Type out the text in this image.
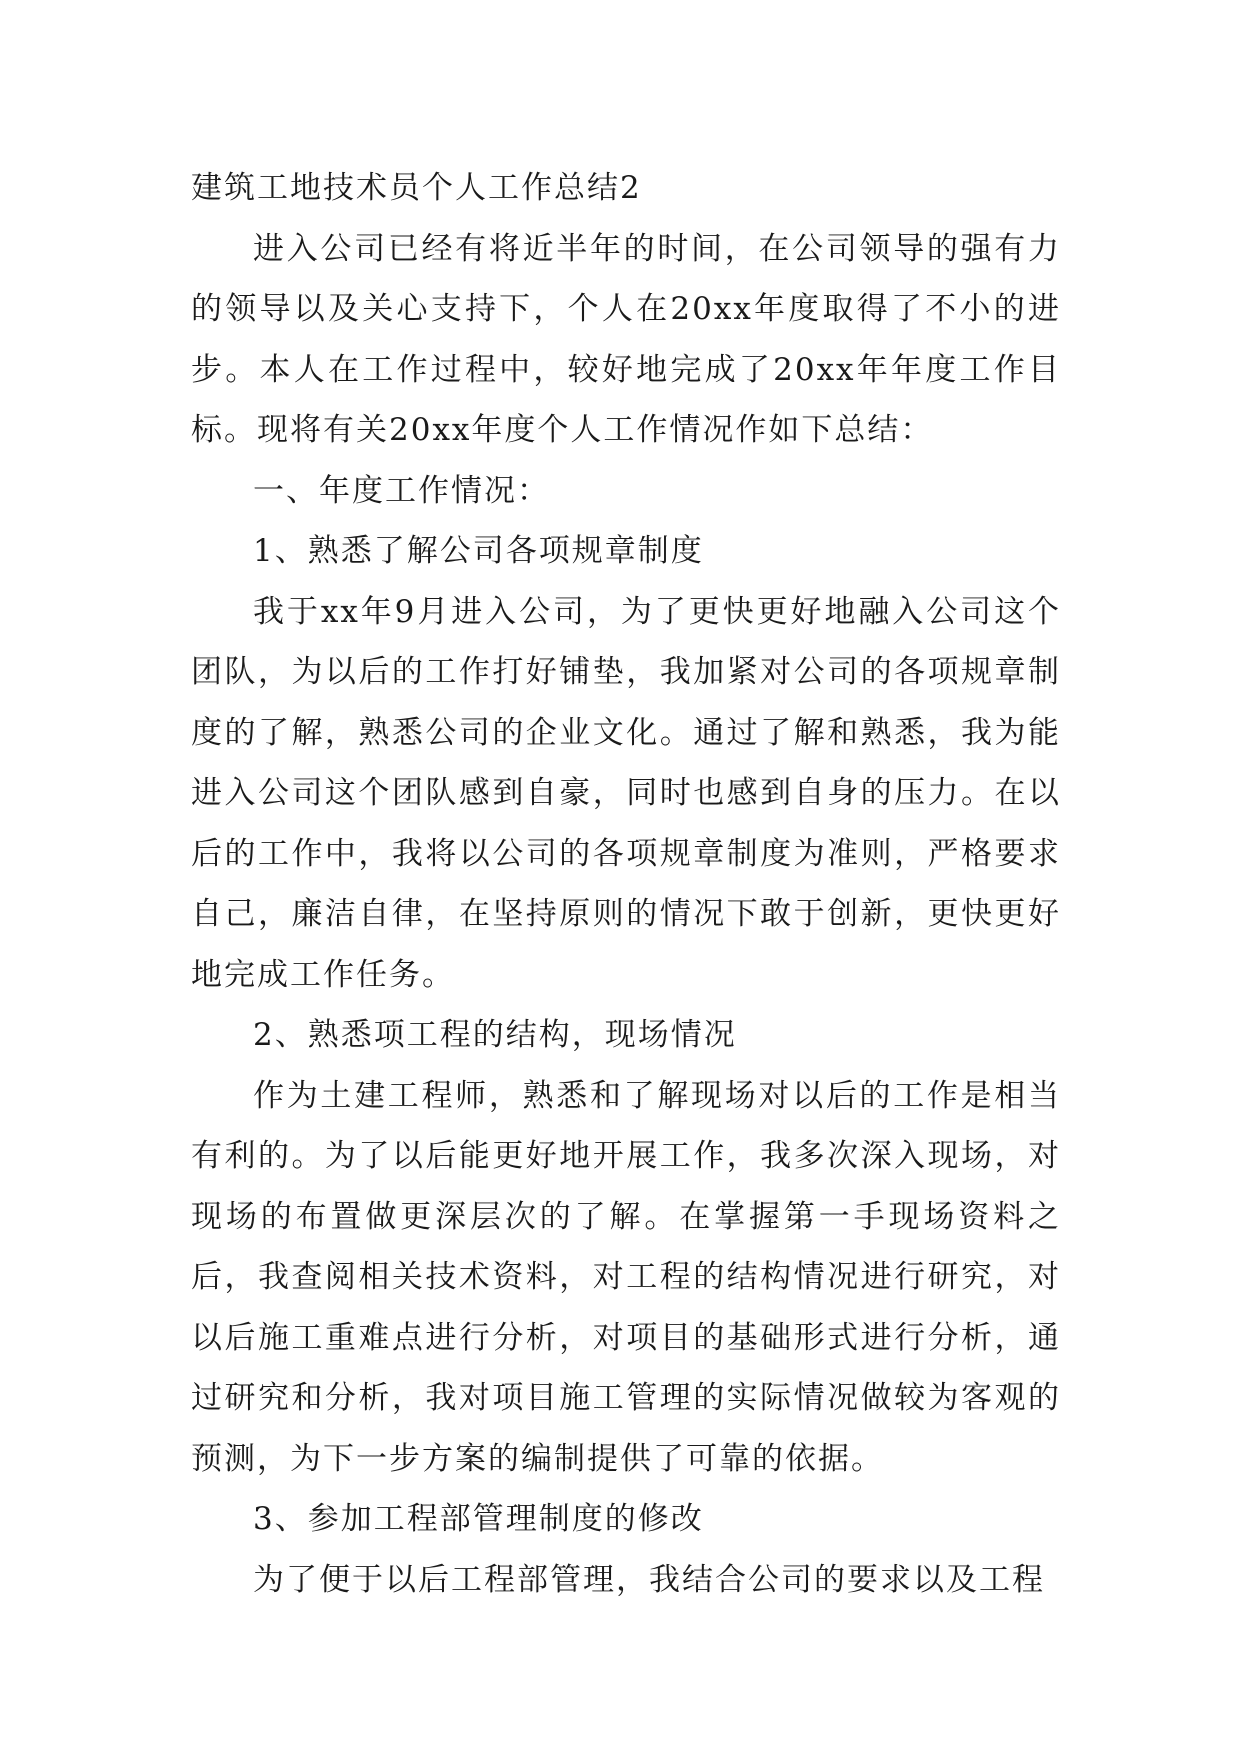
建筑工地技术员个人工作总结2

进入公司已经有将近半年的时间，在公司领导的强有力的领导以及关心支持下，个人在20xx年度取得了不小的进步。本人在工作过程中，较好地完成了20xx年年度工作目标。现将有关20xx年度个人工作情况作如下总结：

一、年度工作情况：

1、熟悉了解公司各项规章制度

我于xx年9月进入公司，为了更快更好地融入公司这个团队，为以后的工作打好铺垫，我加紧对公司的各项规章制度的了解，熟悉公司的企业文化。通过了解和熟悉，我为能进入公司这个团队感到自豪，同时也感到自身的压力。在以后的工作中，我将以公司的各项规章制度为准则，严格要求自己，廉洁自律，在坚持原则的情况下敢于创新，更快更好地完成工作任务。

2、熟悉项工程的结构，现场情况

作为土建工程师，熟悉和了解现场对以后的工作是相当有利的。为了以后能更好地开展工作，我多次深入现场，对现场的布置做更深层次的了解。在掌握第一手现场资料之后，我查阅相关技术资料，对工程的结构情况进行研究，对以后施工重难点进行分析，对项目的基础形式进行分析，通过研究和分析，我对项目施工管理的实际情况做较为客观的预测，为下一步方案的编制提供了可靠的依据。

3、参加工程部管理制度的修改

为了便于以后工程部管理，我结合公司的要求以及工程
